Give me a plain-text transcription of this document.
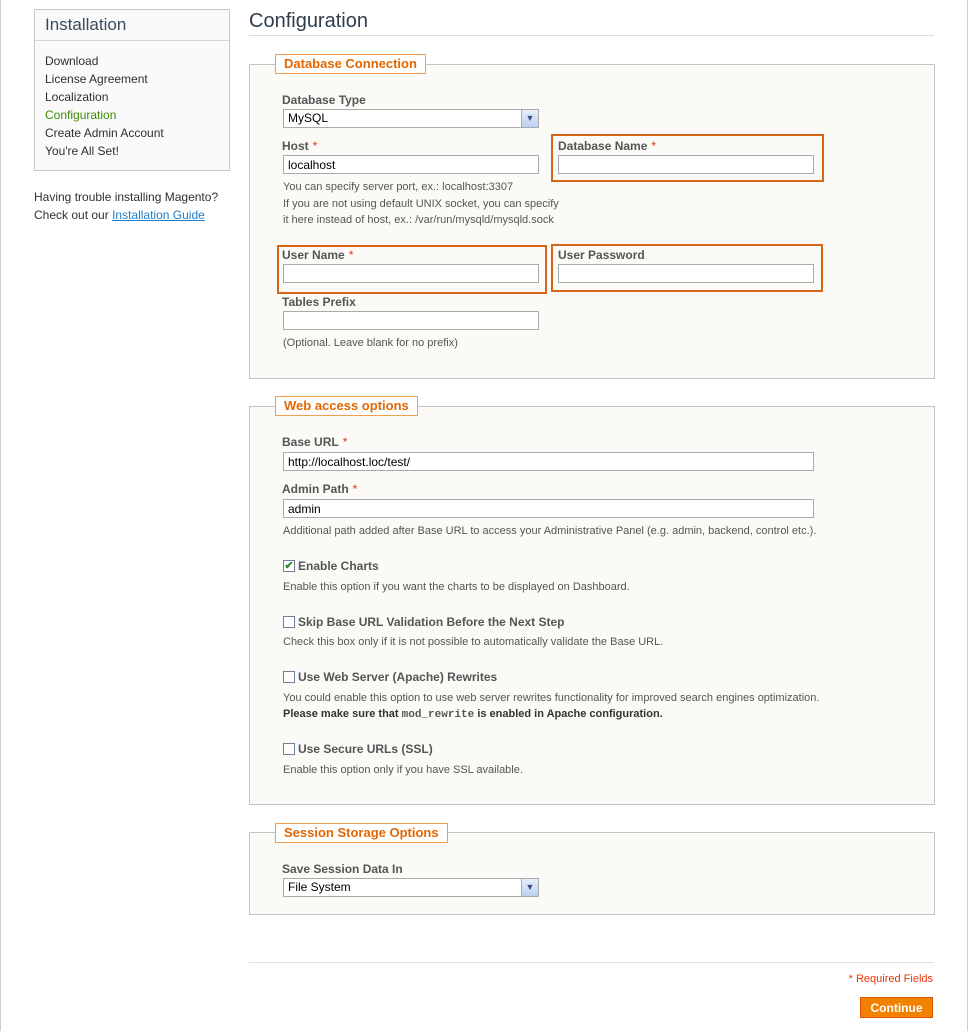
Installation
Download
License Agreement
Localization
Configuration
Create Admin Account
You're All Set!
Having trouble installing Magento?
Check out our Installation Guide
Configuration
Database Connection
Database Type
MySQL	▼
Host *
localhost
You can specify server port, ex.: localhost:3307
If you are not using default UNIX socket, you can specify
it here instead of host, ex.: /var/run/mysqld/mysqld.sock
Database Name *
User Name *	User Password
Tables Prefix
(Optional. Leave blank for no prefix)
Web access options
Base URL *
http://localhost.loc/test/
Admin Path *
admin
Additional path added after Base URL to access your Administrative Panel (e.g. admin, backend, control etc.).
✔ Enable Charts
Enable this option if you want the charts to be displayed on Dashboard.
Skip Base URL Validation Before the Next Step
Check this box only if it is not possible to automatically validate the Base URL.
Use Web Server (Apache) Rewrites
You could enable this option to use web server rewrites functionality for improved search engines optimization.
Please make sure that mod_rewrite is enabled in Apache configuration.
Use Secure URLs (SSL)
Enable this option only if you have SSL available.
Session Storage Options
Save Session Data In
File System	▼
* Required Fields
Continue
